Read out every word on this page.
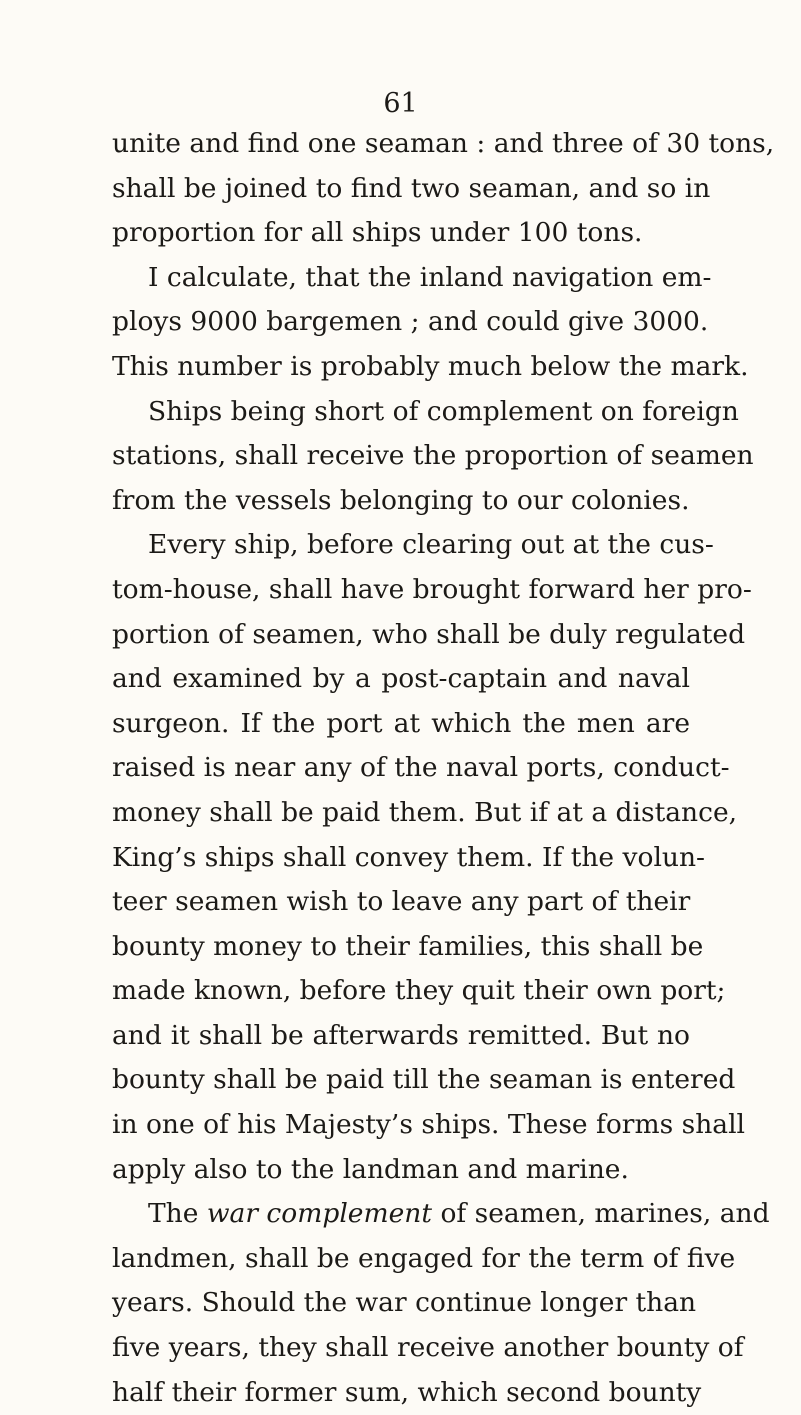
61
unite and find one seaman : and three of 30 tons,
shall be joined to find two seaman, and so in
proportion for all ships under 100 tons.
I calculate, that the inland navigation em-
ploys 9000 bargemen ; and could give 3000.
This number is probably much below the mark.
Ships being short of complement on foreign
stations, shall receive the proportion of seamen
from the vessels belonging to our colonies.
Every ship, before clearing out at the cus-
tom-house, shall have brought forward her pro-
portion of seamen, who shall be duly regulated
and examined by a post-captain and naval
surgeon. If the port at which the men are
raised is near any of the naval ports, conduct-
money shall be paid them. But if at a distance,
King’s ships shall convey them. If the volun-
teer seamen wish to leave any part of their
bounty money to their families, this shall be
made known, before they quit their own port;
and it shall be afterwards remitted. But no
bounty shall be paid till the seaman is entered
in one of his Majesty’s ships. These forms shall
apply also to the landman and marine.
The war complement of seamen, marines, and
landmen, shall be engaged for the term of five
years. Should the war continue longer than
five years, they shall receive another bounty of
half their former sum, which second bounty
